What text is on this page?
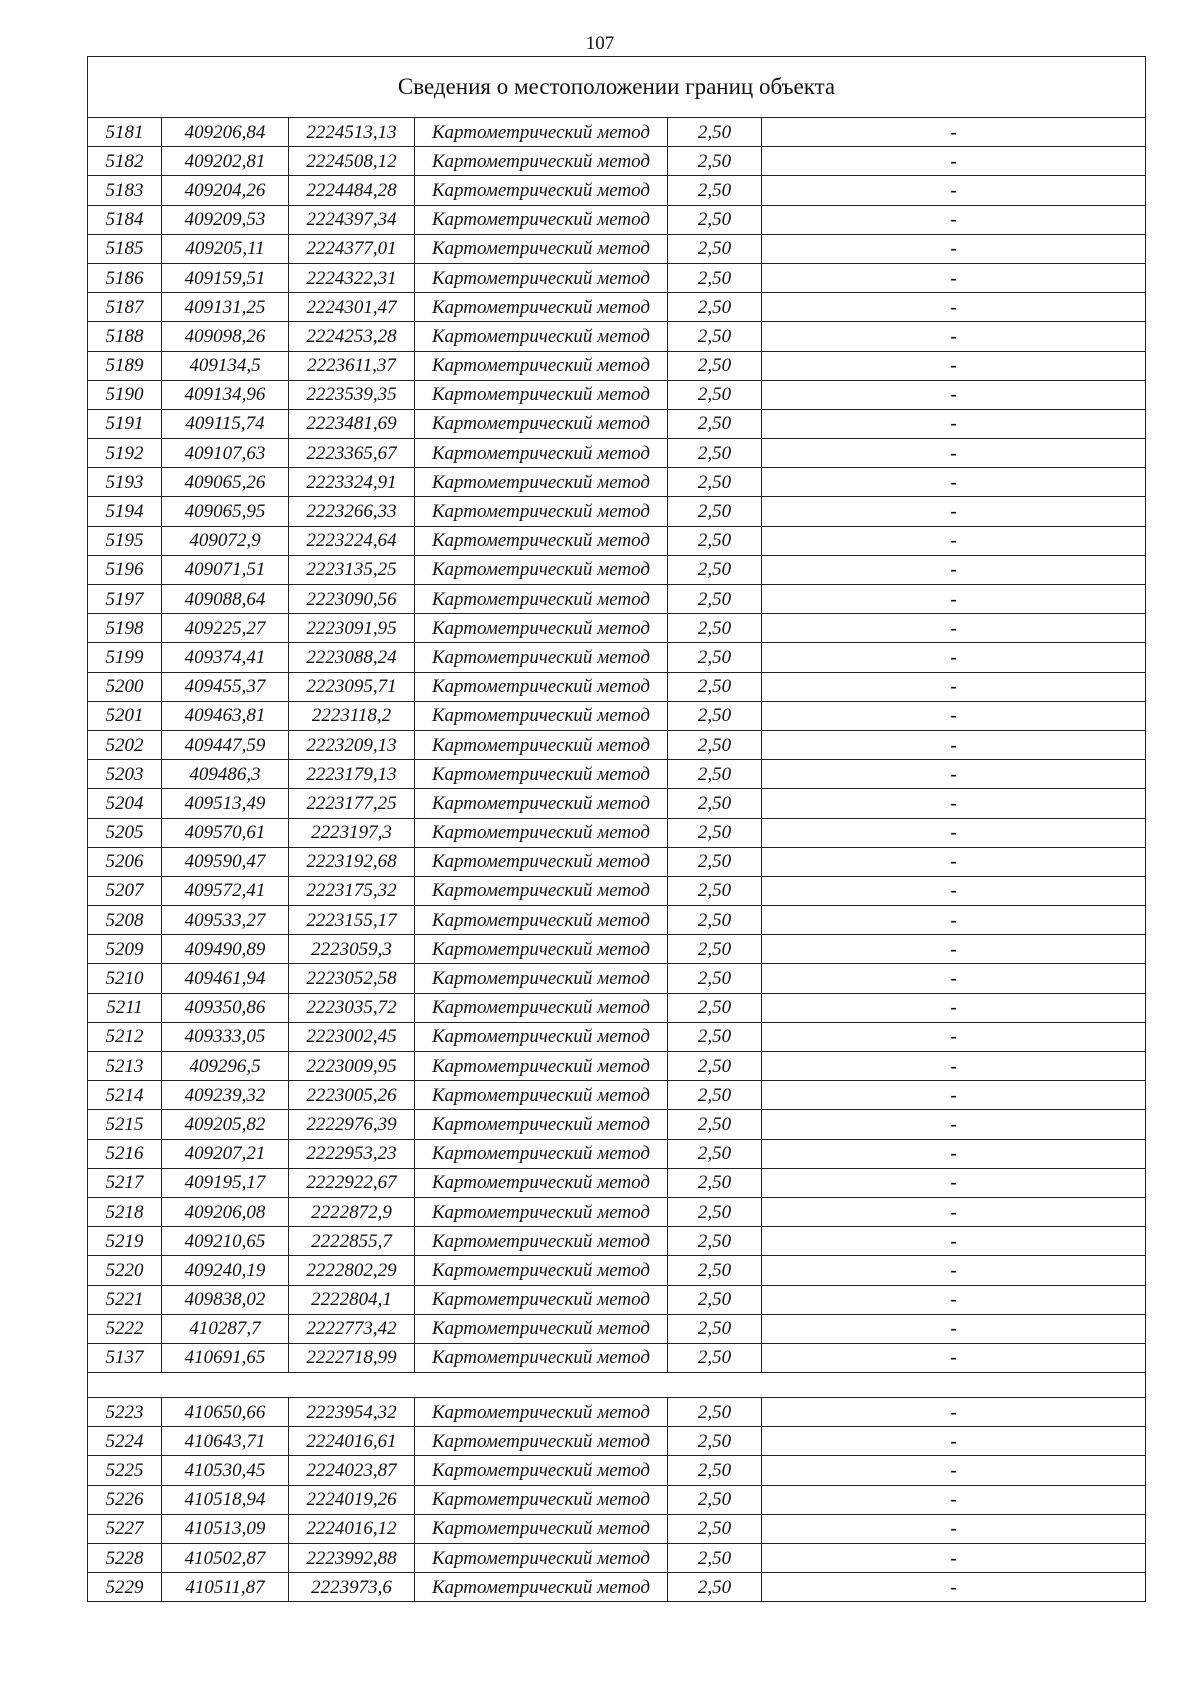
107
Сведения о местоположении границ объекта					
5181	409206,84	2224513,13	Картометрический метод	2,50	-
5182	409202,81	2224508,12	Картометрический метод	2,50	-
5183	409204,26	2224484,28	Картометрический метод	2,50	-
5184	409209,53	2224397,34	Картометрический метод	2,50	-
5185	409205,11	2224377,01	Картометрический метод	2,50	-
5186	409159,51	2224322,31	Картометрический метод	2,50	-
5187	409131,25	2224301,47	Картометрический метод	2,50	-
5188	409098,26	2224253,28	Картометрический метод	2,50	-
5189	409134,5	2223611,37	Картометрический метод	2,50	-
5190	409134,96	2223539,35	Картометрический метод	2,50	-
5191	409115,74	2223481,69	Картометрический метод	2,50	-
5192	409107,63	2223365,67	Картометрический метод	2,50	-
5193	409065,26	2223324,91	Картометрический метод	2,50	-
5194	409065,95	2223266,33	Картометрический метод	2,50	-
5195	409072,9	2223224,64	Картометрический метод	2,50	-
5196	409071,51	2223135,25	Картометрический метод	2,50	-
5197	409088,64	2223090,56	Картометрический метод	2,50	-
5198	409225,27	2223091,95	Картометрический метод	2,50	-
5199	409374,41	2223088,24	Картометрический метод	2,50	-
5200	409455,37	2223095,71	Картометрический метод	2,50	-
5201	409463,81	2223118,2	Картометрический метод	2,50	-
5202	409447,59	2223209,13	Картометрический метод	2,50	-
5203	409486,3	2223179,13	Картометрический метод	2,50	-
5204	409513,49	2223177,25	Картометрический метод	2,50	-
5205	409570,61	2223197,3	Картометрический метод	2,50	-
5206	409590,47	2223192,68	Картометрический метод	2,50	-
5207	409572,41	2223175,32	Картометрический метод	2,50	-
5208	409533,27	2223155,17	Картометрический метод	2,50	-
5209	409490,89	2223059,3	Картометрический метод	2,50	-
5210	409461,94	2223052,58	Картометрический метод	2,50	-
5211	409350,86	2223035,72	Картометрический метод	2,50	-
5212	409333,05	2223002,45	Картометрический метод	2,50	-
5213	409296,5	2223009,95	Картометрический метод	2,50	-
5214	409239,32	2223005,26	Картометрический метод	2,50	-
5215	409205,82	2222976,39	Картометрический метод	2,50	-
5216	409207,21	2222953,23	Картометрический метод	2,50	-
5217	409195,17	2222922,67	Картометрический метод	2,50	-
5218	409206,08	2222872,9	Картометрический метод	2,50	-
5219	409210,65	2222855,7	Картометрический метод	2,50	-
5220	409240,19	2222802,29	Картометрический метод	2,50	-
5221	409838,02	2222804,1	Картометрический метод	2,50	-
5222	410287,7	2222773,42	Картометрический метод	2,50	-
5137	410691,65	2222718,99	Картометрический метод	2,50	-

5223	410650,66	2223954,32	Картометрический метод	2,50	-
5224	410643,71	2224016,61	Картометрический метод	2,50	-
5225	410530,45	2224023,87	Картометрический метод	2,50	-
5226	410518,94	2224019,26	Картометрический метод	2,50	-
5227	410513,09	2224016,12	Картометрический метод	2,50	-
5228	410502,87	2223992,88	Картометрический метод	2,50	-
5229	410511,87	2223973,6	Картометрический метод	2,50	-
